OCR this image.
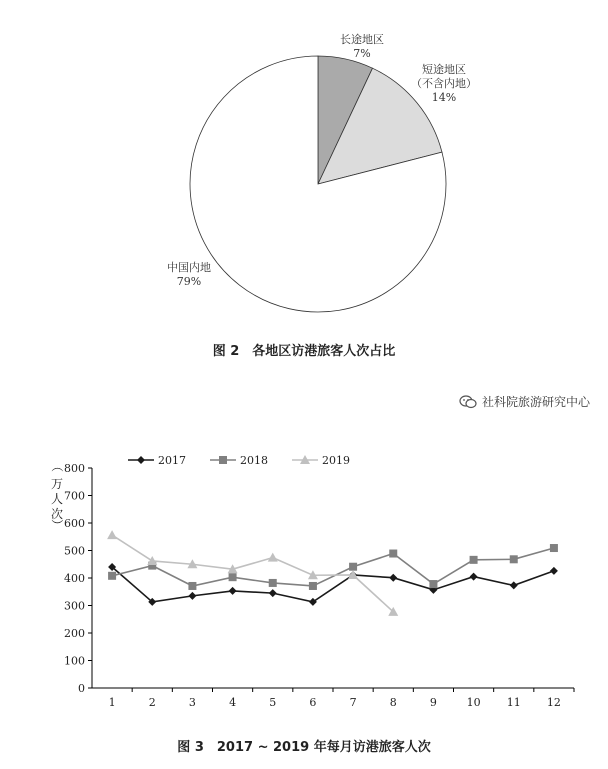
长途地区
7%
短途地区
（不含内地）
14%
中国内地
79%
图 2　各地区访港旅客人次占比
社科院旅游研究中心
0
100
200
300
400
500
600
700
800
1	2	3	4	5	6	7	8	9	10 11 12
（
万
人
次
）
2017	2018	2019
图 3　2017 ~ 2019 年每月访港旅客人次
